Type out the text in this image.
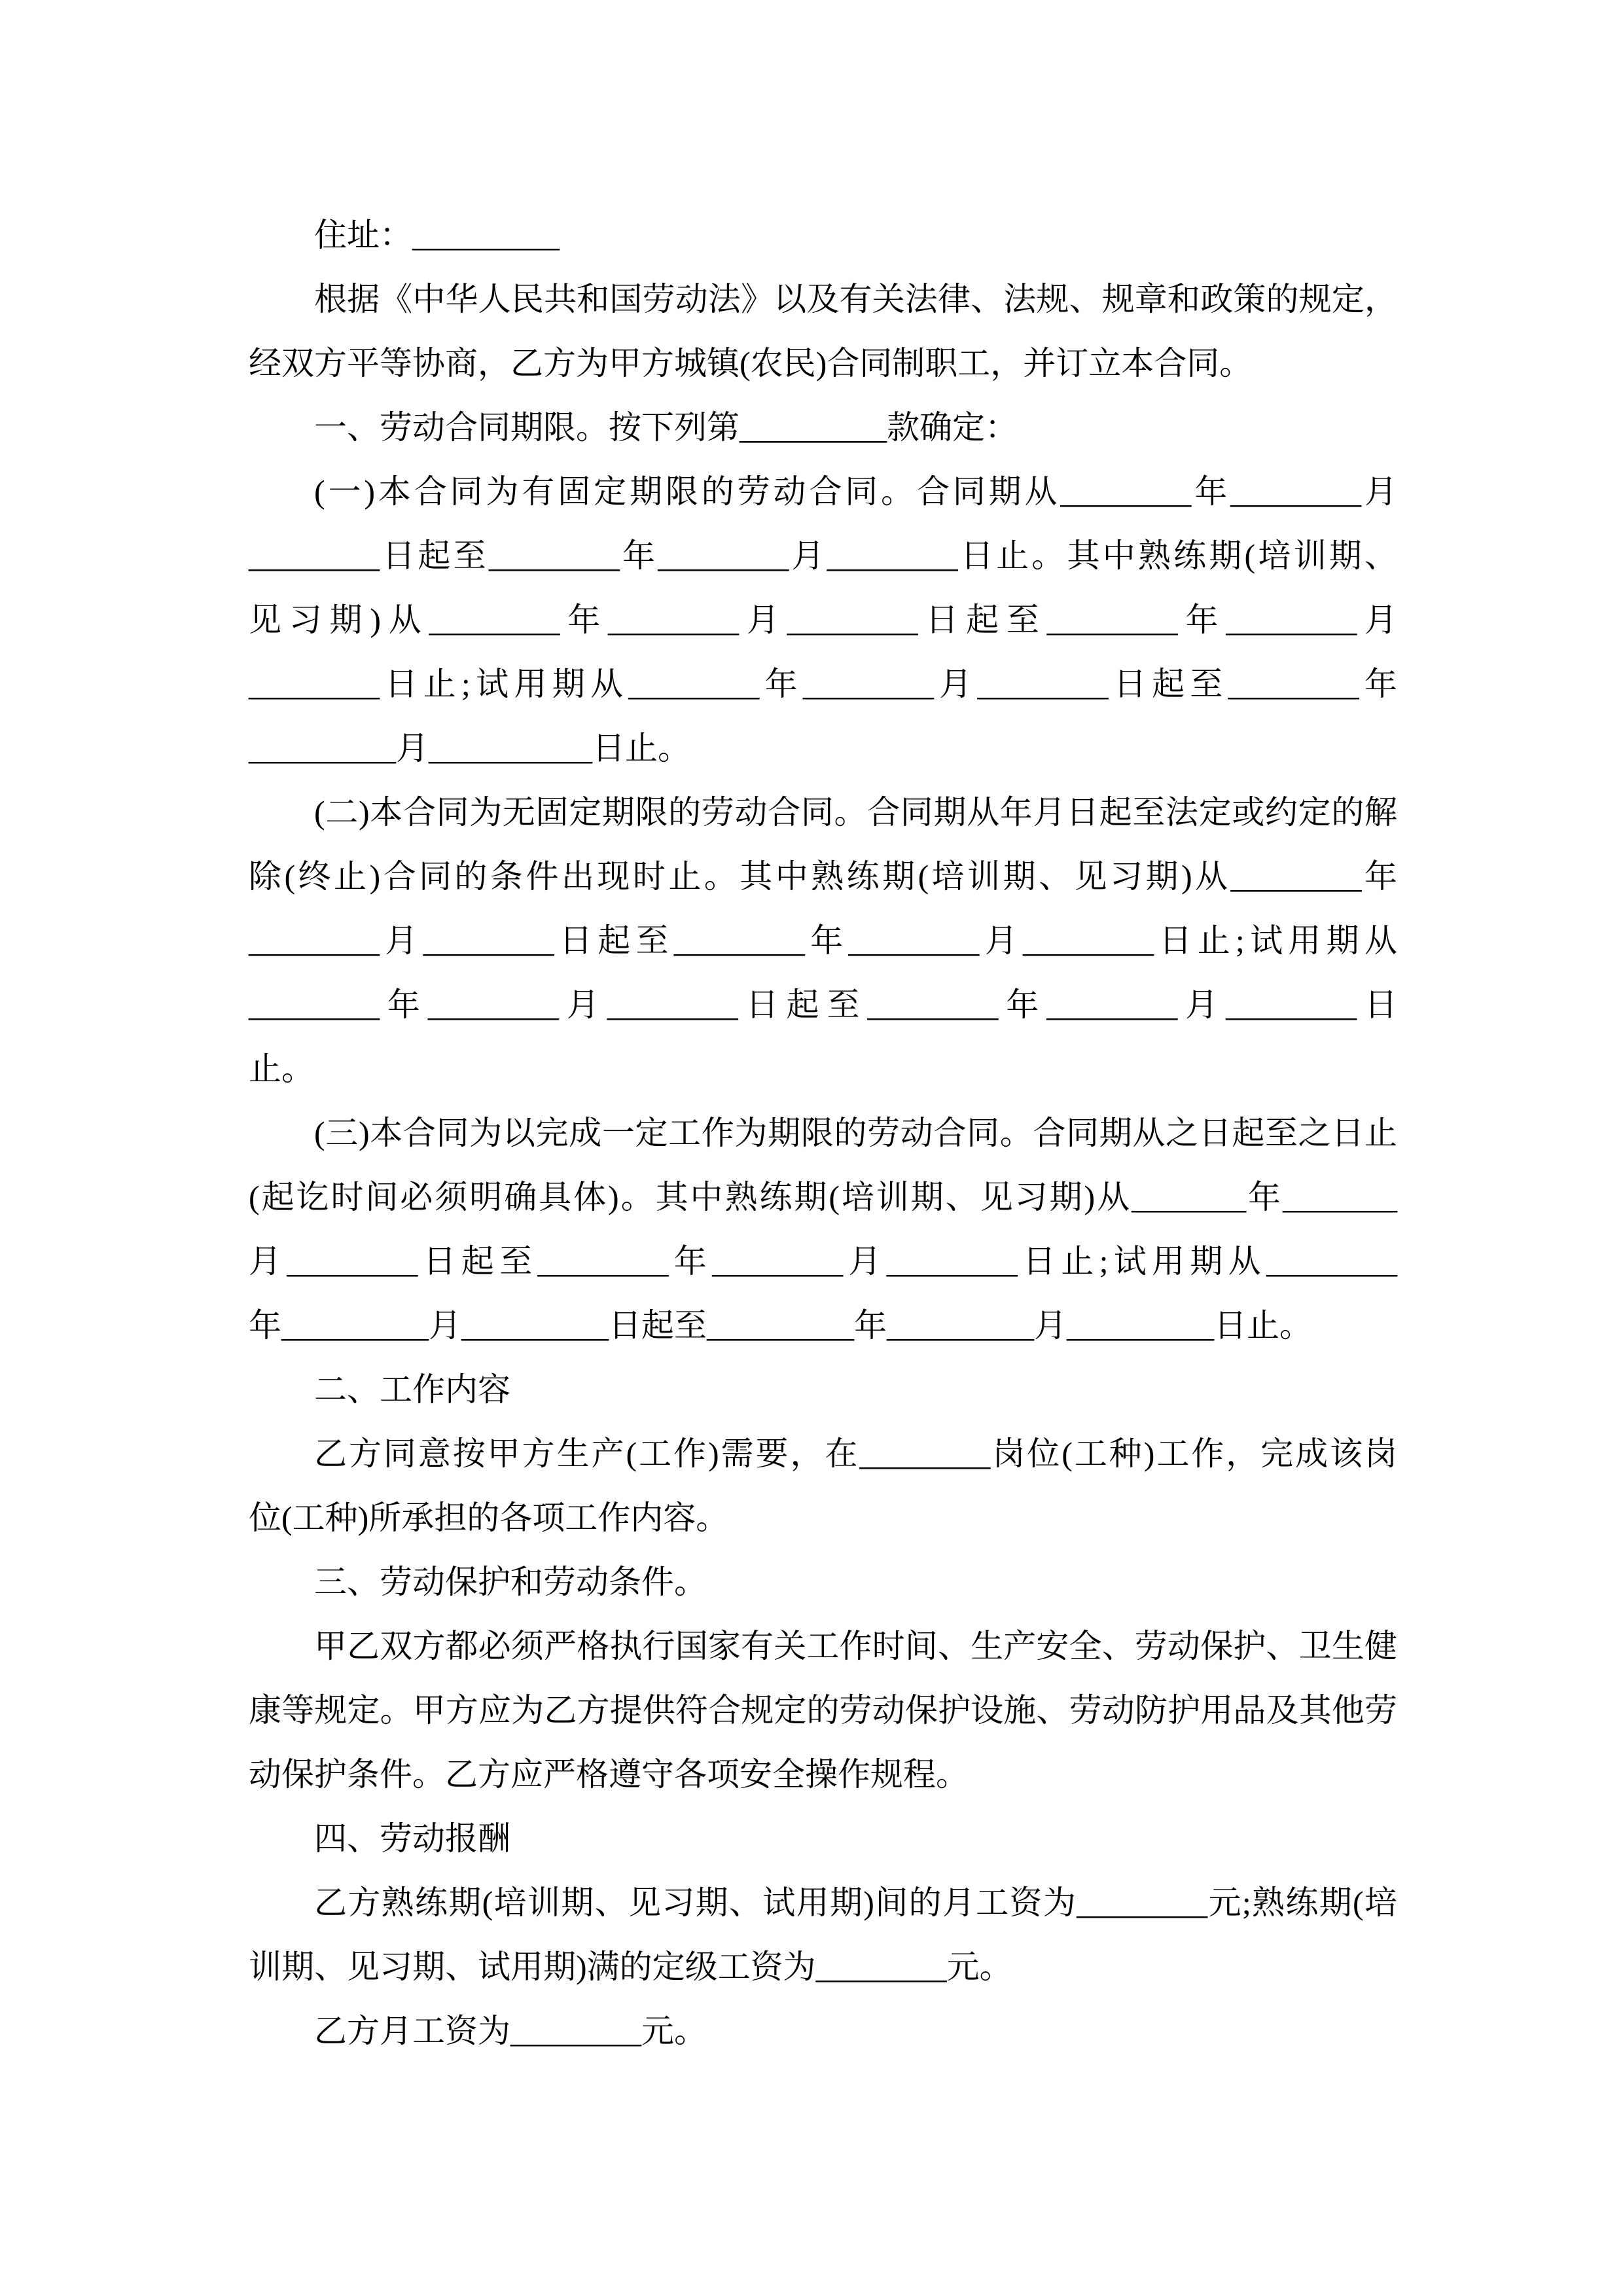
住址：_________
根据《中华人民共和国劳动法》以及有关法律、法规、规章和政策的规定，
经双方平等协商，乙方为甲方城镇(农民)合同制职工，并订立本合同。
一、劳动合同期限。按下列第_________款确定：
(一)本合同为有固定期限的劳动合同。合同期从________年________月
________日起至________年________月________日止。其中熟练期(培训期、
见习期)从________年________月________日起至________年________月
________日止;试用期从________年________月________日起至________年
_________月__________日止。
(二)本合同为无固定期限的劳动合同。合同期从年月日起至法定或约定的解
除(终止)合同的条件出现时止。其中熟练期(培训期、见习期)从________年
________月________日起至________年________月________日止;试用期从
________年________月________日起至________年________月________日
止。
(三)本合同为以完成一定工作为期限的劳动合同。合同期从之日起至之日止
(起讫时间必须明确具体)。其中熟练期(培训期、见习期)从_______年_______
月________日起至________年________月________日止;试用期从________
年_________月_________日起至_________年_________月_________日止。
二、工作内容
乙方同意按甲方生产(工作)需要，在________岗位(工种)工作，完成该岗
位(工种)所承担的各项工作内容。
三、劳动保护和劳动条件。
甲乙双方都必须严格执行国家有关工作时间、生产安全、劳动保护、卫生健
康等规定。甲方应为乙方提供符合规定的劳动保护设施、劳动防护用品及其他劳
动保护条件。乙方应严格遵守各项安全操作规程。
四、劳动报酬
乙方熟练期(培训期、见习期、试用期)间的月工资为________元;熟练期(培
训期、见习期、试用期)满的定级工资为________元。
乙方月工资为________元。
